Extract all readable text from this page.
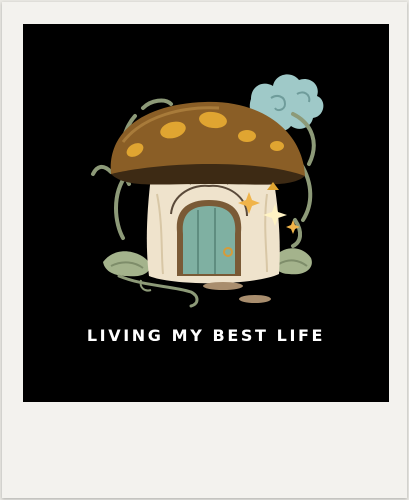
LIVING MY BEST LIFE
